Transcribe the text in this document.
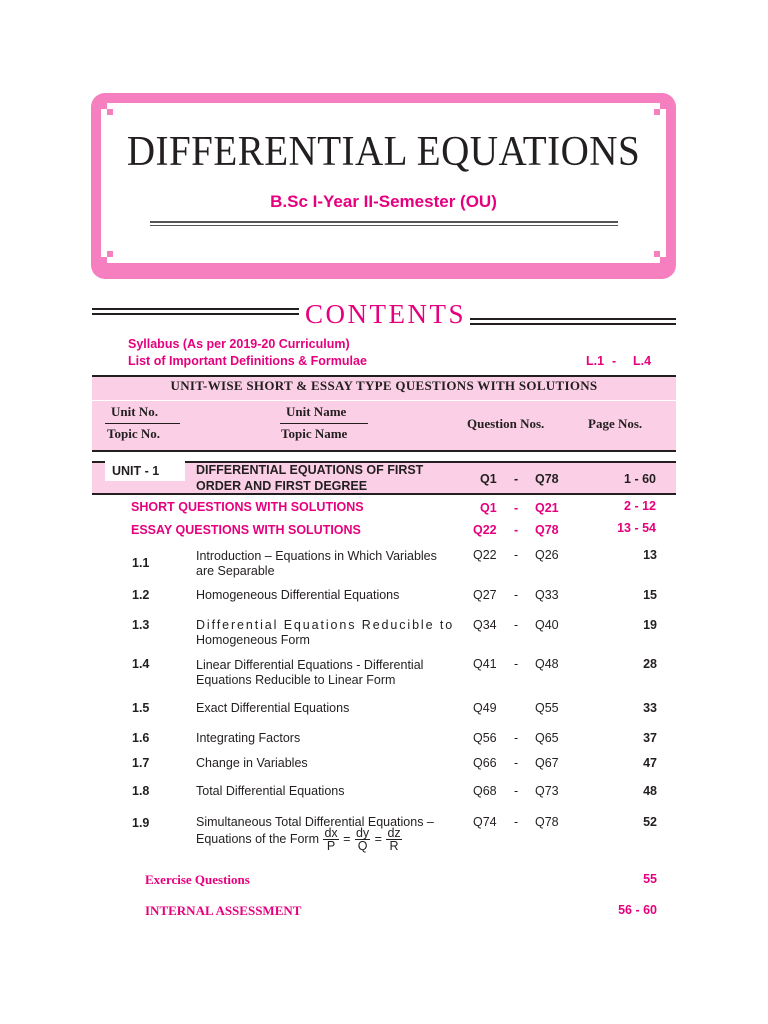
DIFFERENTIAL EQUATIONS
B.Sc I-Year II-Semester (OU)
CONTENTS
Syllabus (As per 2019-20 Curriculum)
List of Important Definitions & Formulae	L.1 - L.4
UNIT-WISE SHORT & ESSAY TYPE QUESTIONS WITH SOLUTIONS
Unit No.
Topic No.
Unit Name
Topic Name
Question Nos.	Page Nos.
UNIT - 1	DIFFERENTIAL EQUATIONS OF FIRST
ORDER AND FIRST DEGREE	Q1 - Q78	1 - 60
SHORT QUESTIONS WITH SOLUTIONS	Q1 - Q21	2 - 12
ESSAY QUESTIONS WITH SOLUTIONS	Q22 - Q78	13 - 54
1.1	Introduction – Equations in Which Variables
are Separable
Q22 - Q26	13
1.2	Homogeneous Differential Equations	Q27 - Q33	15
1.3	Differential Equations Reducible to
Homogeneous Form
Q34 - Q40	19
1.4	Linear Differential Equations - Differential
Equations Reducible to Linear Form
Q41 - Q48	28
1.5	Exact Differential Equations	Q49	Q55	33
1.6	Integrating Factors	Q56 - Q65	37
1.7	Change in Variables	Q66 - Q67	47
1.8	Total Differential Equations	Q68 - Q73	48
1.9	Simultaneous Total Differential Equations –
Equations of the Form $\frac{dx}{P} = \frac{dy}{Q} = \frac{dz}{R}$
Q74 - Q78	52
Exercise Questions	55
INTERNAL ASSESSMENT	56 - 60
